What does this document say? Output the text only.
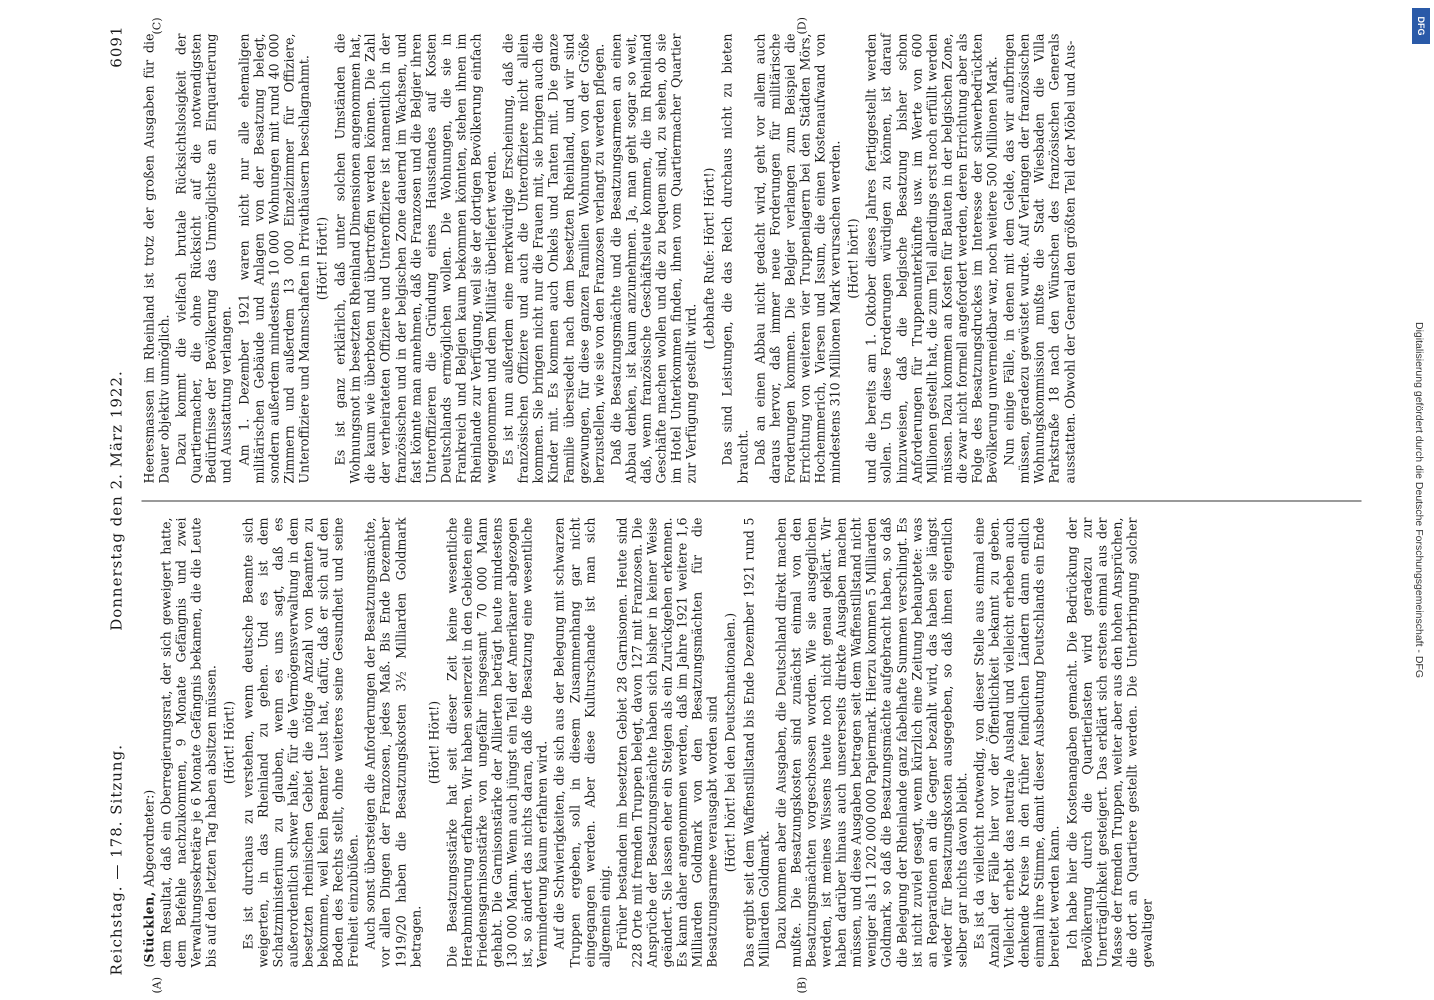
Reichstag. — 178. Sitzung.
Donnerstag den 2. März 1922.
6091
(A)	(B)
(C)	(D)

(Stücklen, Abgeordneter:) dem Resultat, daß ein Oberregierungsrat, der sich geweigert hatte, dem Befehle nachzukommen, 9 Monate Gefängnis und zwei Verwaltungssekretäre je 6 Monate Gefängnis bekamen, die die Leute bis auf den letzten Tag haben absitzen müssen. (Hört! Hört!) Es ist durchaus zu verstehen, wenn deutsche Beamte sich weigerten, in das Rheinland zu gehen. Und es ist dem Schatzministerium zu glauben, wenn es uns sagt, daß es außerordentlich schwer halte, für die Vermögensverwaltung in dem besetzten rheinischen Gebiet die nötige Anzahl von Beamten zu bekommen, weil kein Beamter Lust hat, dafür, daß er sich auf den Boden des Rechts stellt, ohne weiteres seine Gesundheit und seine Freiheit einzubüßen. Auch sonst übersteigen die Anforderungen der Besatzungsmächte, vor allen Dingen der Franzosen, jedes Maß. Bis Ende Dezember 1919/20 haben die Besatzungskosten 3½ Milliarden Goldmark betragen.

(Hört! Hört!) Die Besatzungsstärke hat seit dieser Zeit keine wesentliche Herabminderung erfahren. Wir haben seinerzeit in den Gebieten eine Friedensgarnisonstärke von ungefähr insgesamt 70 000 Mann gehabt. Die Garnisonstärke der Alliierten beträgt heute mindestens 130 000 Mann. Wenn auch jüngst ein Teil der Amerikaner abgezogen ist, so ändert das nichts daran, daß die Besatzung eine wesentliche Verminderung kaum erfahren wird. Auf die Schwierigkeiten, die sich aus der Belegung mit schwarzen Truppen ergeben, soll in diesem Zusammenhang gar nicht eingegangen werden. Aber diese Kulturschande ist man sich allgemein einig. Früher bestanden im besetzten Gebiet 28 Garnisonen. Heute sind 228 Orte mit fremden Truppen belegt, davon 127 mit Franzosen. Die Ansprüche der Besatzungsmächte haben sich bisher in keiner Weise geändert. Sie lassen eher ein Steigen als ein Zurückgehen erkennen. Es kann daher angenommen werden, daß im Jahre 1921 weitere 1,6 Milliarden Goldmark von den Besatzungsmächten für die Besatzungsarmee verausgabt worden sind (Hört! hört! bei den Deutschnationalen.) Das ergibt seit dem Waffenstillstand bis Ende Dezember 1921 rund 5 Milliarden Goldmark. Dazu kommen aber die Ausgaben, die Deutschland direkt machen mußte. Die Besatzungskosten sind zunächst einmal von den Besatzungsmächten vorgeschossen worden. Wie sie ausgeglichen werden, ist meines Wissens heute noch nicht genau geklärt. Wir haben darüber hinaus auch unsererseits direkte Ausgaben machen müssen, und diese Ausgaben betragen seit dem Waffenstillstand nicht weniger als 11 202 000 000 Papiermark. Hierzu kommen 5 Milliarden Goldmark, so daß die Besatzungsmächte aufgebracht haben, so daß die Belegung der Rheinlande ganz fabelhafte Summen verschlingt. Es ist nicht zuviel gesagt, wenn kürzlich eine Zeitung behauptete: was an Reparationen an die Gegner bezahlt wird, das haben sie längst wieder für Besatzungskosten ausgegeben, so daß ihnen eigentlich selber gar nichts davon bleibt. Es ist da vielleicht notwendig, von dieser Stelle aus einmal eine Anzahl der Fälle hier vor der Öffentlichkeit bekannt zu geben. Vielleicht erhebt das neutrale Ausland und vielleicht erheben auch denkende Kreise in den früher feindlichen Ländern dann endlich einmal ihre Stimme, damit dieser Ausbeutung Deutschlands ein Ende bereitet werden kann. Ich habe hier die Kostenangaben gemacht. Die Bedrückung der Bevölkerung durch die Quartierlasten wird geradezu zur Unerträglichkeit gesteigert. Das erklärt sich erstens einmal aus der Masse der fremden Truppen, weiter aber aus den hohen Ansprüchen, die dort an Quartiere gestellt werden. Die Unterbringung solcher gewaltiger

Heeresmassen im Rheinland ist trotz der großen Ausgaben für die Dauer objektiv unmöglich. Dazu kommt die vielfach brutale Rücksichtslosigkeit der Quartiermacher, die ohne Rücksicht auf die notwendigsten Bedürfnisse der Bevölkerung das Unmöglichste an Einquartierung und Ausstattung verlangen. Am 1. Dezember 1921 waren nicht nur alle ehemaligen militärischen Gebäude und Anlagen von der Besatzung belegt, sondern außerdem mindestens 10 000 Wohnungen mit rund 40 000 Zimmern und außerdem 13 000 Einzelzimmer für Offiziere, Unteroffiziere und Mannschaften in Privathäusern beschlagnahmt. (Hört! Hört!) Es ist ganz erklärlich, daß unter solchen Umständen die Wohnungsnot im besetzten Rheinland Dimensionen angenommen hat, die kaum wie überboten und übertroffen werden können. Die Zahl der verheirateten Offiziere und Unteroffiziere ist namentlich in der französischen und in der belgischen Zone dauernd im Wachsen, und fast könnte man annehmen, daß die Franzosen und die Belgier ihren Unteroffizieren die Gründung eines Hausstandes auf Kosten Deutschlands ermöglichen wollen. Die Wohnungen, die sie in Frankreich und Belgien kaum bekommen könnten, stehen ihnen im Rheinlande zur Verfügung, weil sie der dortigen Bevölkerung einfach weggenommen und dem Militär überliefert werden. Es ist nun außerdem eine merkwürdige Erscheinung, daß die französischen Offiziere und auch die Unteroffiziere nicht allein kommen. Sie bringen nicht nur die Frauen mit, sie bringen auch die Kinder mit. Es kommen auch Onkels und Tanten mit. Die ganze Familie übersiedelt nach dem besetzten Rheinland, und wir sind gezwungen, für diese ganzen Familien Wohnungen von der Größe herzustellen, wie sie von den Franzosen verlangt zu werden pflegen. Daß die Besatzungsmächte und die Besatzungsarmeen an einen Abbau denken, ist kaum anzunehmen. Ja, man geht sogar so weit, daß, wenn französische Geschäftsleute kommen, die im Rheinland Geschäfte machen wollen und die zu bequem sind, zu sehen, ob sie im Hotel Unterkommen finden, ihnen vom Quartiermacher Quartier zur Verfügung gestellt wird.

(Lebhafte Rufe: Hört! Hört!) Das sind Leistungen, die das Reich durchaus nicht zu bieten braucht. Daß an einen Abbau nicht gedacht wird, geht vor allem auch daraus hervor, daß immer neue Forderungen für militärische Forderungen kommen. Die Belgier verlangen zum Beispiel die Errichtung von weiteren vier Truppenlagern bei den Städten Mörs, Hochemmerich, Viersen und Issum, die einen Kostenaufwand von mindestens 310 Millionen Mark verursachen werden. (Hört! hört!) und die bereits am 1. Oktober dieses Jahres fertiggestellt werden sollen. Un diese Forderungen würdigen zu können, ist darauf hinzuweisen, daß die belgische Besatzung bisher schon Anforderungen für Truppenunterkünfte usw. im Werte von 600 Millionen gestellt hat, die zum Teil allerdings erst noch erfüllt werden müssen. Dazu kommen an Kosten für Bauten in der belgischen Zone, die zwar nicht formell angefordert werden, deren Errichtung aber als Folge des Besatzungsdruckes im Interesse der schwerbedrückten Bevölkerung unvermeidbar war, noch weitere 500 Millionen Mark. Nun einige Fälle, in denen mit dem Gelde, das wir aufbringen müssen, geradezu gewüstet wurde. Auf Verlangen der französischen Wohnungskommission mußte die Stadt Wiesbaden die Villa Parkstraße 18 nach den Wünschen des französischen Generals ausstatten. Obwohl der General den größten Teil der Möbel und Aus-

DFG
Digitalisierung gefördert durch die Deutsche Forschungsgemeinschaft - DFG
